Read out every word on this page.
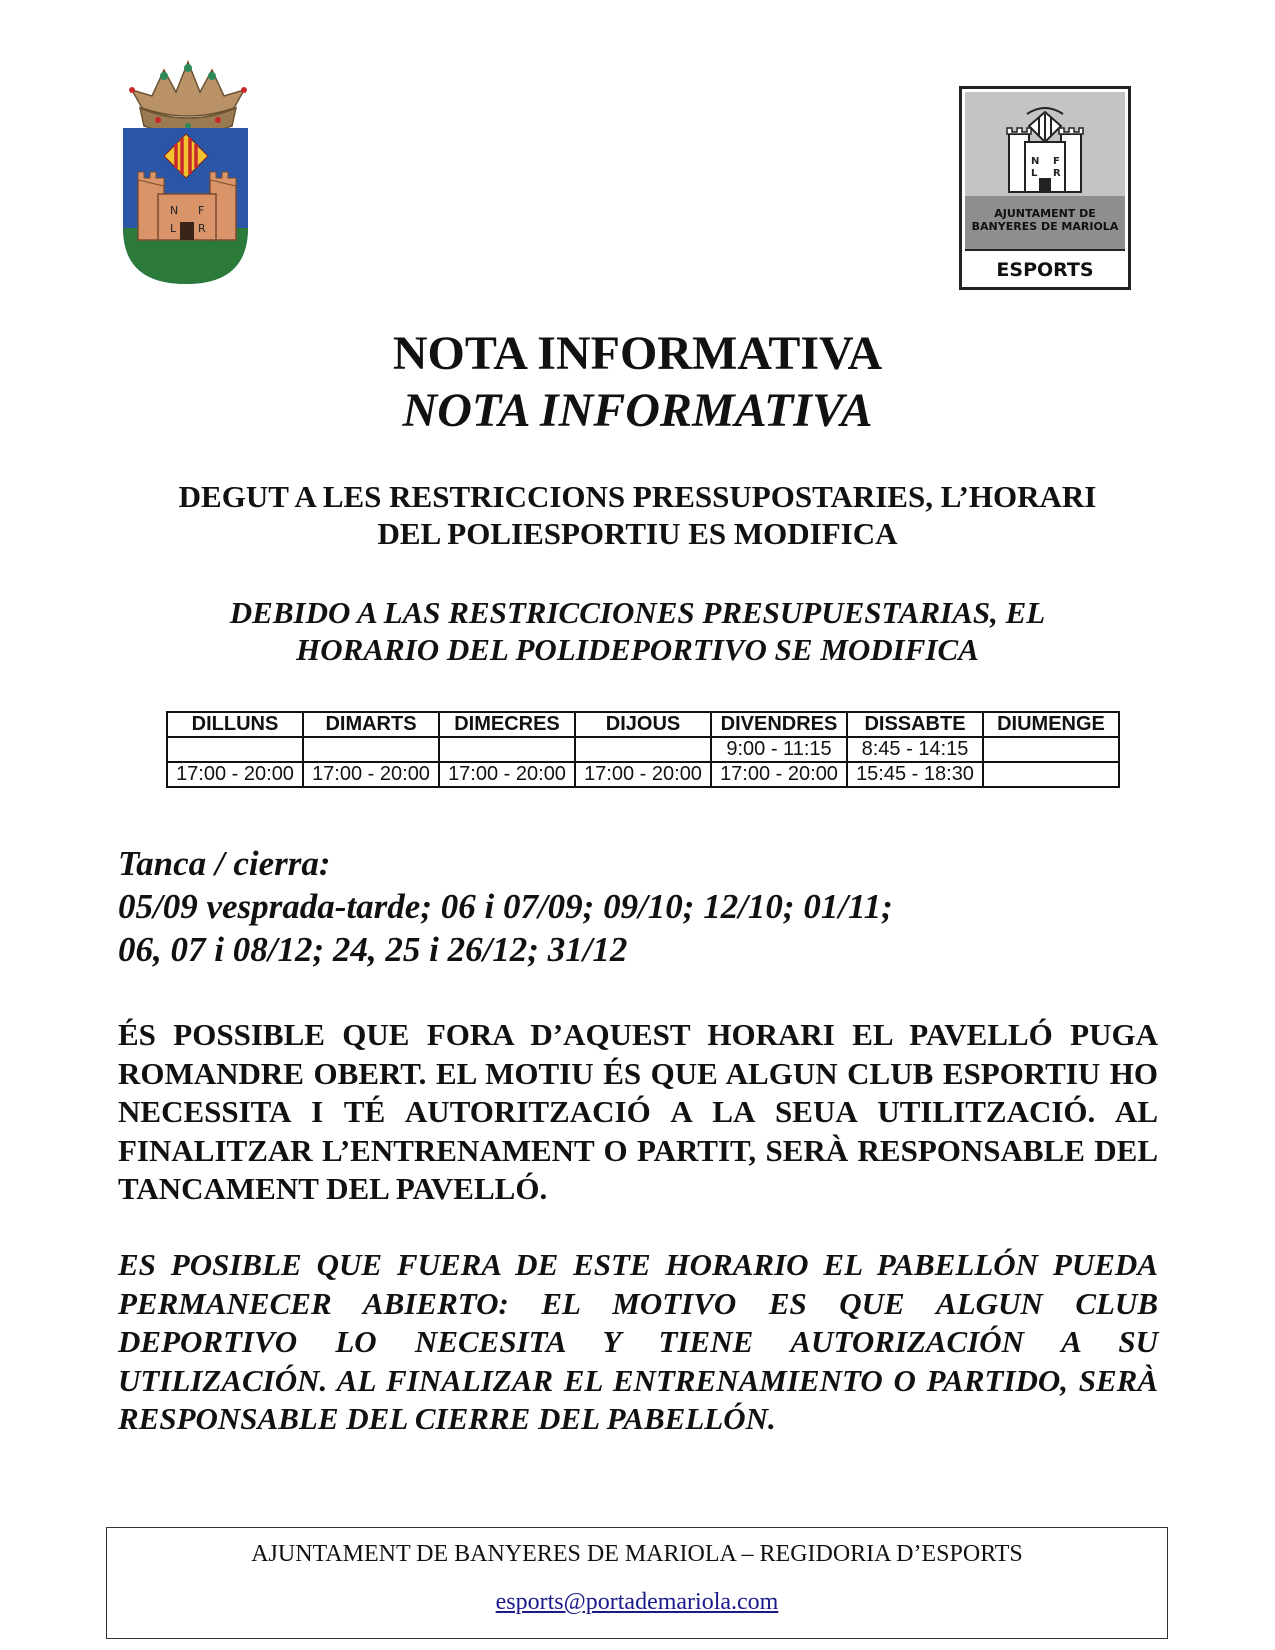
N F
L R
N F
L R
AJUNTAMENT DE
BANYERES DE MARIOLA
ESPORTS
NOTA INFORMATIVA
NOTA INFORMATIVA
DEGUT A LES RESTRICCIONS PRESSUPOSTARIES, L’HORARI
DEL POLIESPORTIU ES MODIFICA
DEBIDO A LAS RESTRICCIONES PRESUPUESTARIAS, EL
HORARIO DEL POLIDEPORTIVO SE MODIFICA
DILLUNS	DIMARTS	DIMECRES	DIJOUS	DIVENDRES	DISSABTE	DIUMENGE
				9:00 - 11:15	8:45 - 14:15	
17:00 - 20:00	17:00 - 20:00	17:00 - 20:00	17:00 - 20:00	17:00 - 20:00	15:45 - 18:30	
Tanca / cierra:
05/09 vesprada-tarde; 06 i 07/09; 09/10; 12/10; 01/11;
06, 07 i 08/12; 24, 25 i 26/12; 31/12
ÉS POSSIBLE QUE FORA D’AQUEST HORARI EL PAVELLÓ PUGA ROMANDRE OBERT. EL MOTIU ÉS QUE ALGUN CLUB ESPORTIU HO NECESSITA I TÉ AUTORITZACIÓ A LA SEUA UTILITZACIÓ. AL FINALITZAR L’ENTRENAMENT O PARTIT, SERÀ RESPONSABLE DEL TANCAMENT DEL PAVELLÓ.
ES POSIBLE QUE FUERA DE ESTE HORARIO EL PABELLÓN PUEDA PERMANECER ABIERTO: EL MOTIVO ES QUE ALGUN CLUB DEPORTIVO LO NECESITA Y TIENE AUTORIZACIÓN A SU UTILIZACIÓN. AL FINALIZAR EL ENTRENAMIENTO O PARTIDO, SERÀ RESPONSABLE DEL CIERRE DEL PABELLÓN.
AJUNTAMENT DE BANYERES DE MARIOLA – REGIDORIA D’ESPORTS
esports@portademariola.com
